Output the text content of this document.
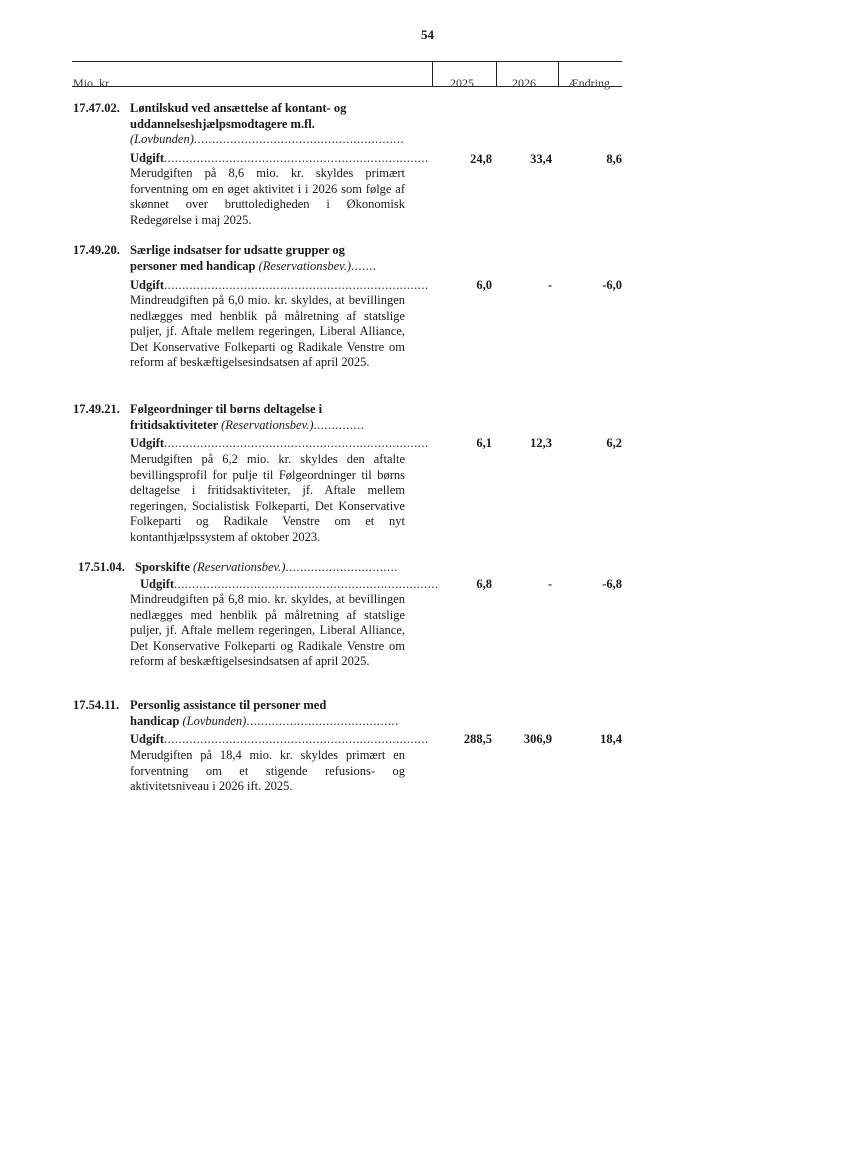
54
Mio. kr.	2025	2026	Ændring
17.47.02. Løntilskud ved ansættelse af kontant- og
uddannelseshjælpsmodtagere m.fl.
(Lovbunden)..........................................................
Udgift.........................................................................	24,8	33,4	8,6
Merudgiften på 8,6 mio. kr. skyldes primært forventning om en øget aktivitet i i 2026 som følge af skønnet over bruttoledigheden i Økonomisk Redegørelse i maj 2025.
17.49.20. Særlige indsatser for udsatte grupper og
personer med handicap (Reservationsbev.).......
Udgift.........................................................................	6,0	-	-6,0
Mindreudgiften på 6,0 mio. kr. skyldes, at bevillingen nedlægges med henblik på målretning af statslige puljer, jf. Aftale mellem regeringen, Liberal Alliance, Det Konservative Folkeparti og Radikale Venstre om reform af beskæftigelsesindsatsen af april 2025.
17.49.21. Følgeordninger til børns deltagelse i
fritidsaktiviteter (Reservationsbev.)..............
Udgift.........................................................................	6,1	12,3	6,2
Merudgiften på 6,2 mio. kr. skyldes den aftalte bevillingsprofil for pulje til Følgeordninger til børns deltagelse i fritidsaktiviteter, jf. Aftale mellem regeringen, Socialistisk Folkeparti, Det Konservative Folkeparti og Radikale Venstre om et nyt kontanthjælpssystem af oktober 2023.
17.51.04. Sporskifte (Reservationsbev.)...............................
Udgift.........................................................................	6,8	-	-6,8
Mindreudgiften på 6,8 mio. kr. skyldes, at bevillingen nedlægges med henblik på målretning af statslige puljer, jf. Aftale mellem regeringen, Liberal Alliance, Det Konservative Folkeparti og Radikale Venstre om reform af beskæftigelsesindsatsen af april 2025.
17.54.11. Personlig assistance til personer med
handicap (Lovbunden)..........................................
Udgift.........................................................................	288,5	306,9	18,4
Merudgiften på 18,4 mio. kr. skyldes primært en forventning om et stigende refusions- og aktivitetsniveau i 2026 ift. 2025.
